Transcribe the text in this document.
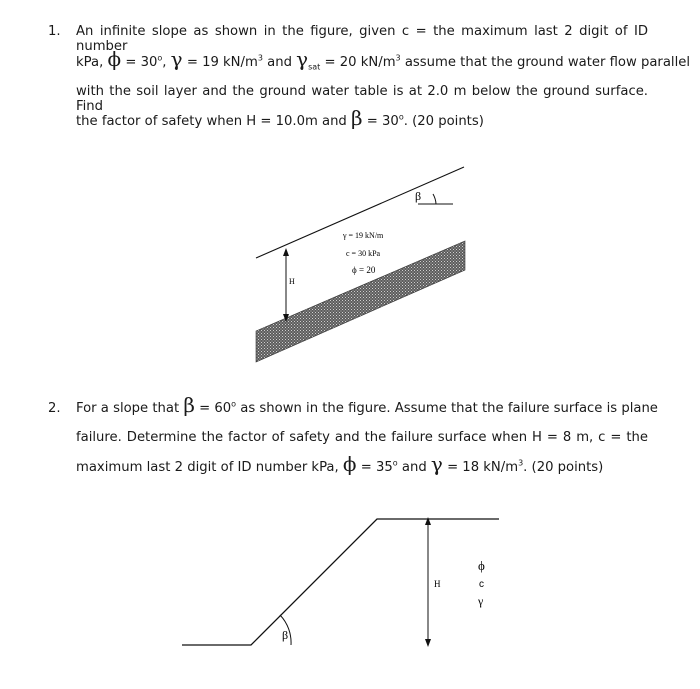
1. An infinite slope as shown in the figure, given c = the maximum last 2 digit of ID number
kPa, $\phi = 30^o$, γ = 19 $kN/m^3$ and $\gamma_{sat} = 20$ $kN/m^3$ assume that the ground water flow parallel
with the soil layer and the ground water table is at 2.0 m below the ground surface. Find
the factor of safety when H = 10.0m and $\beta = 30^o$. (20 points)
β
H
γ = 19 kN/m
c = 30 kPa
ϕ = 20
2. For a slope that $\beta = 60^o$ as shown in the figure. Assume that the failure surface is plane
failure. Determine the factor of safety and the failure surface when H = 8 m, c = the
maximum last 2 digit of ID number kPa, $\phi = 35^o$ and γ = 18 $kN/m^3$. (20 points)
β
H
ϕ
c
γ
